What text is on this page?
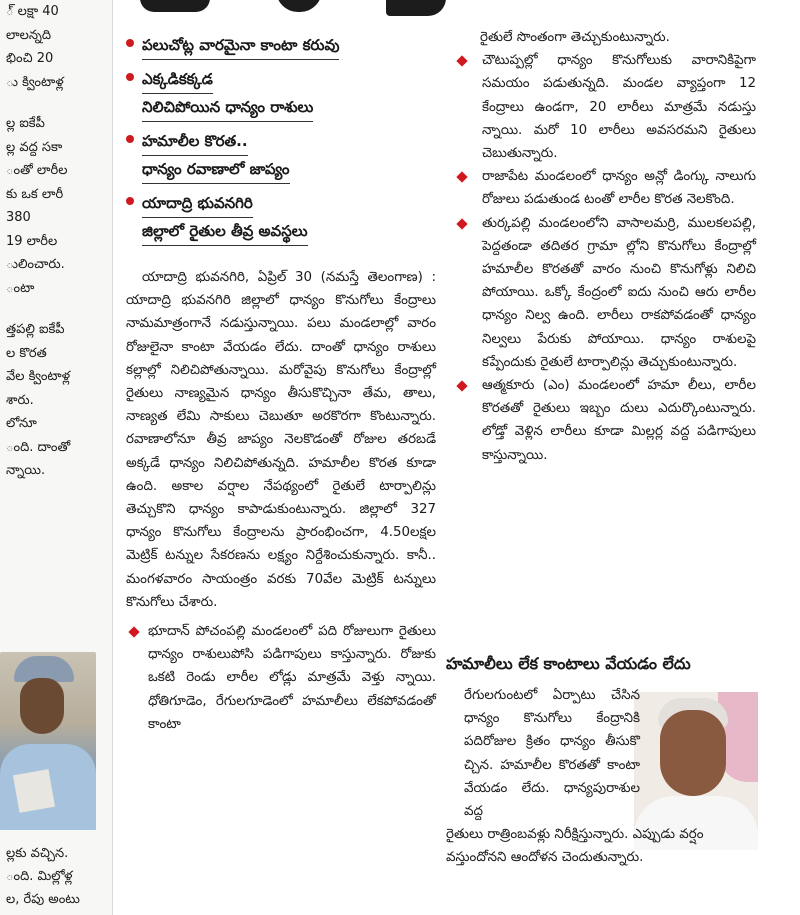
్ లక్షా 40

లాలన్నది

భించి 20

ు క్వింటాళ్ల

ల్ల ఐకేపీ

ల్ల వద్ద సకా

ంతో లారీల

కు ఒక లారీ

380

19 లారీల

ులించారు.

ంటా

త్తపల్లి ఐకేపీ

ల కొరత

వేల క్వింటాళ్ల

శారు.

లోనూ

ంది. దాంతో

న్నాయి.

ల్లకు వచ్చిన.

ంది. మిల్లోళ్ల

ల, రేపు అంటు

పలుచోట్ల వారమైనా కాంటా కరువు
ఎక్కడికక్కడ
నిలిచిపోయిన ధాన్యం రాశులు
హమాలీల కొరత..
ధాన్యం రవాణాలో జాప్యం
యాదాద్రి భువనగిరి
జిల్లాలో రైతుల తీవ్ర అవస్థలు

యాదాద్రి భువనగిరి, ఏప్రిల్ 30 (నమస్తే తెలంగాణ) : యాదాద్రి భువనగిరి జిల్లాలో ధాన్యం కొనుగోలు కేంద్రాలు నామమాత్రంగానే నడుస్తున్నాయి. పలు మండలాల్లో వారం రోజులైనా కాంటా వేయడం లేదు. దాంతో ధాన్యం రాశులు కల్లాల్లో నిలిచిపోతున్నాయి. మరోవైపు కొనుగోలు కేంద్రాల్లో రైతులు నాణ్యమైన ధాన్యం తీసుకొచ్చినా తేమ, తాలు, నాణ్యత లేమి సాకులు చెబుతూ అరకొరగా కొంటున్నారు. రవాణాలోనూ తీవ్ర జాప్యం నెలకొడంతో రోజుల తరబడే అక్కడే ధాన్యం నిలిచిపోతున్నది. హమాలీల కొరత కూడా ఉంది. అకాల వర్షాల నేపథ్యంలో రైతులే టార్పాలిన్లు తెచ్చుకొని ధాన్యం కాపాడుకుంటున్నారు. జిల్లాలో 327 ధాన్యం కొనుగోలు కేంద్రాలను ప్రారంభించగా, 4.50లక్షల మెట్రిక్ టన్నుల సేకరణను లక్ష్యం నిర్దేశించుకున్నారు. కానీ.. మంగళవారం సాయంత్రం వరకు 70వేల మెట్రిక్ టన్నులు కొనుగోలు చేశారు.

భూదాన్ పోచంపల్లి మండలంలో పది రోజులుగా రైతులు ధాన్యం రాశులుపోసి పడిగాపులు కాస్తున్నారు. రోజుకు ఒకటి రెండు లారీల లోడ్లు మాత్రమే వెళ్తు న్నాయి. ధోతిగూడెం, రేగులగూడెంలో హమాలీలు లేకపోవడంతో కాంటా

రైతులే సొంతంగా తెచ్చుకుంటున్నారు.

చౌటుప్పల్లో ధాన్యం కొనుగోలుకు వారానికిపైగా సమయం పడుతున్నది. మండల వ్యాప్తంగా 12 కేంద్రాలు ఉండగా, 20 లారీలు మాత్రమే నడుస్తు న్నాయి. మరో 10 లారీలు అవసరమని రైతులు చెబుతున్నారు.

రాజాపేట మండలంలో ధాన్యం అన్లో డింగ్కు నాలుగు రోజులు పడుతుండ టంతో లారీల కొరత నెలకొంది.

తుర్కపల్లి మండలంలోని వాసాలమర్రి, ములకలపల్లి, పెద్దతండా తదితర గ్రామా ల్లోని కొనుగోలు కేంద్రాల్లో హమాలీల కొరతతో వారం నుంచి కొనుగోళ్లు నిలిచి పోయాయి. ఒక్కో కేంద్రంలో ఐదు నుంచి ఆరు లారీల ధాన్యం నిల్వ ఉంది. లారీలు రాకపోవడంతో ధాన్యం నిల్వలు పేరుకు పోయాయి. ధాన్యం రాశులపై కప్పేందుకు రైతులే టార్పాలిన్లు తెచ్చుకుంటున్నారు.

ఆత్మకూరు (ఎం) మండలంలో హమా లీలు, లారీల కొరతతో రైతులు ఇబ్బం దులు ఎదుర్కొంటున్నారు. లోడ్తో వెళ్లిన లారీలు కూడా మిల్లర్ల వద్ద పడిగాపులు కాస్తున్నాయి.

హమాలీలు లేక కాంటాలు వేయడం లేదు

రేగులగుంటలో ఏర్పాటు చేసిన ధాన్యం కొనుగోలు కేంద్రానికి పదిరోజుల క్రితం ధాన్యం తీసుకొ చ్చిన. హమాలీల కొరతతో కాంటా వేయడం లేదు. ధాన్యపురాశుల వద్ద

రైతులు రాత్రింబవళ్లు నిరీక్షిస్తున్నారు. ఎప్పుడు వర్షం వస్తుందోనని ఆందోళన చెందుతున్నారు.
